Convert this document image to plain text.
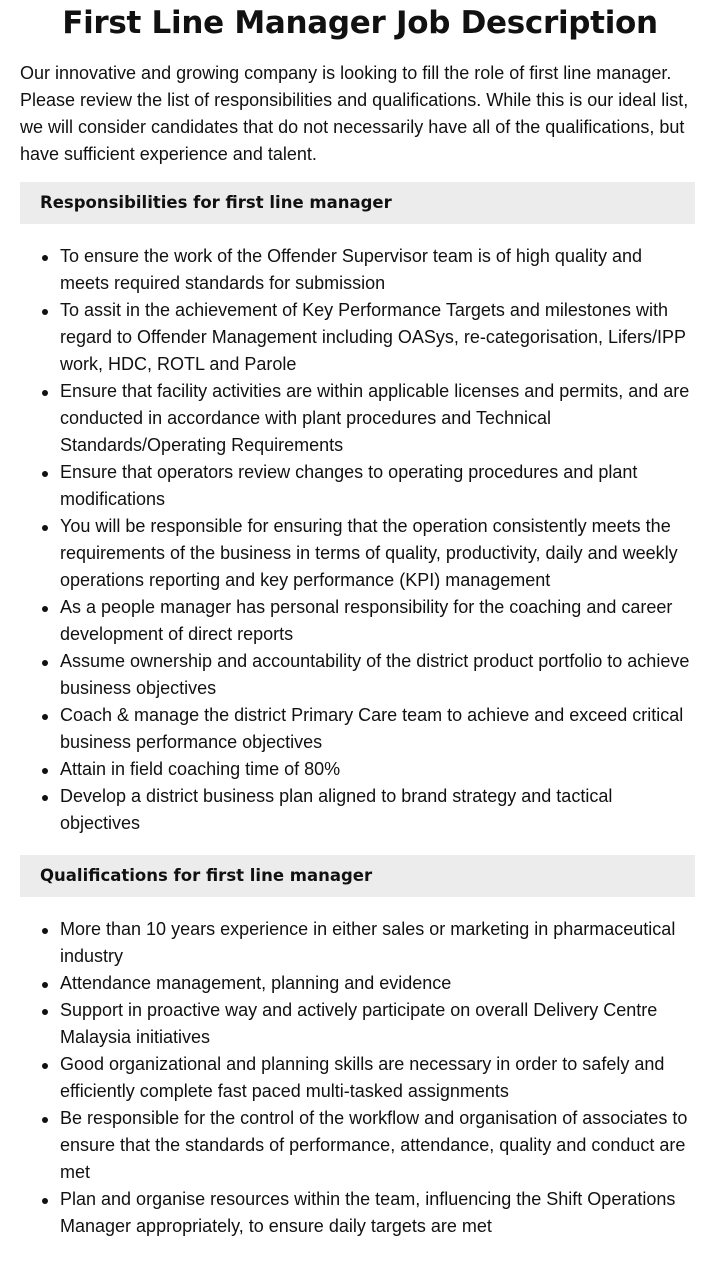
First Line Manager Job Description

Our innovative and growing company is looking to fill the role of first line manager. Please review the list of responsibilities and qualifications. While this is our ideal list, we will consider candidates that do not necessarily have all of the qualifications, but have sufficient experience and talent.

Responsibilities for first line manager
To ensure the work of the Offender Supervisor team is of high quality and meets required standards for submission
To assit in the achievement of Key Performance Targets and milestones with regard to Offender Management including OASys, re-categorisation, Lifers/IPP work, HDC, ROTL and Parole
Ensure that facility activities are within applicable licenses and permits, and are conducted in accordance with plant procedures and Technical Standards/Operating Requirements
Ensure that operators review changes to operating procedures and plant modifications
You will be responsible for ensuring that the operation consistently meets the requirements of the business in terms of quality, productivity, daily and weekly operations reporting and key performance (KPI) management
As a people manager has personal responsibility for the coaching and career development of direct reports
Assume ownership and accountability of the district product portfolio to achieve business objectives
Coach & manage the district Primary Care team to achieve and exceed critical business performance objectives
Attain in field coaching time of 80%
Develop a district business plan aligned to brand strategy and tactical objectives
Qualifications for first line manager
More than 10 years experience in either sales or marketing in pharmaceutical industry
Attendance management, planning and evidence
Support in proactive way and actively participate on overall Delivery Centre Malaysia initiatives
Good organizational and planning skills are necessary in order to safely and efficiently complete fast paced multi-tasked assignments
Be responsible for the control of the workflow and organisation of associates to ensure that the standards of performance, attendance, quality and conduct are met
Plan and organise resources within the team, influencing the Shift Operations Manager appropriately, to ensure daily targets are met
